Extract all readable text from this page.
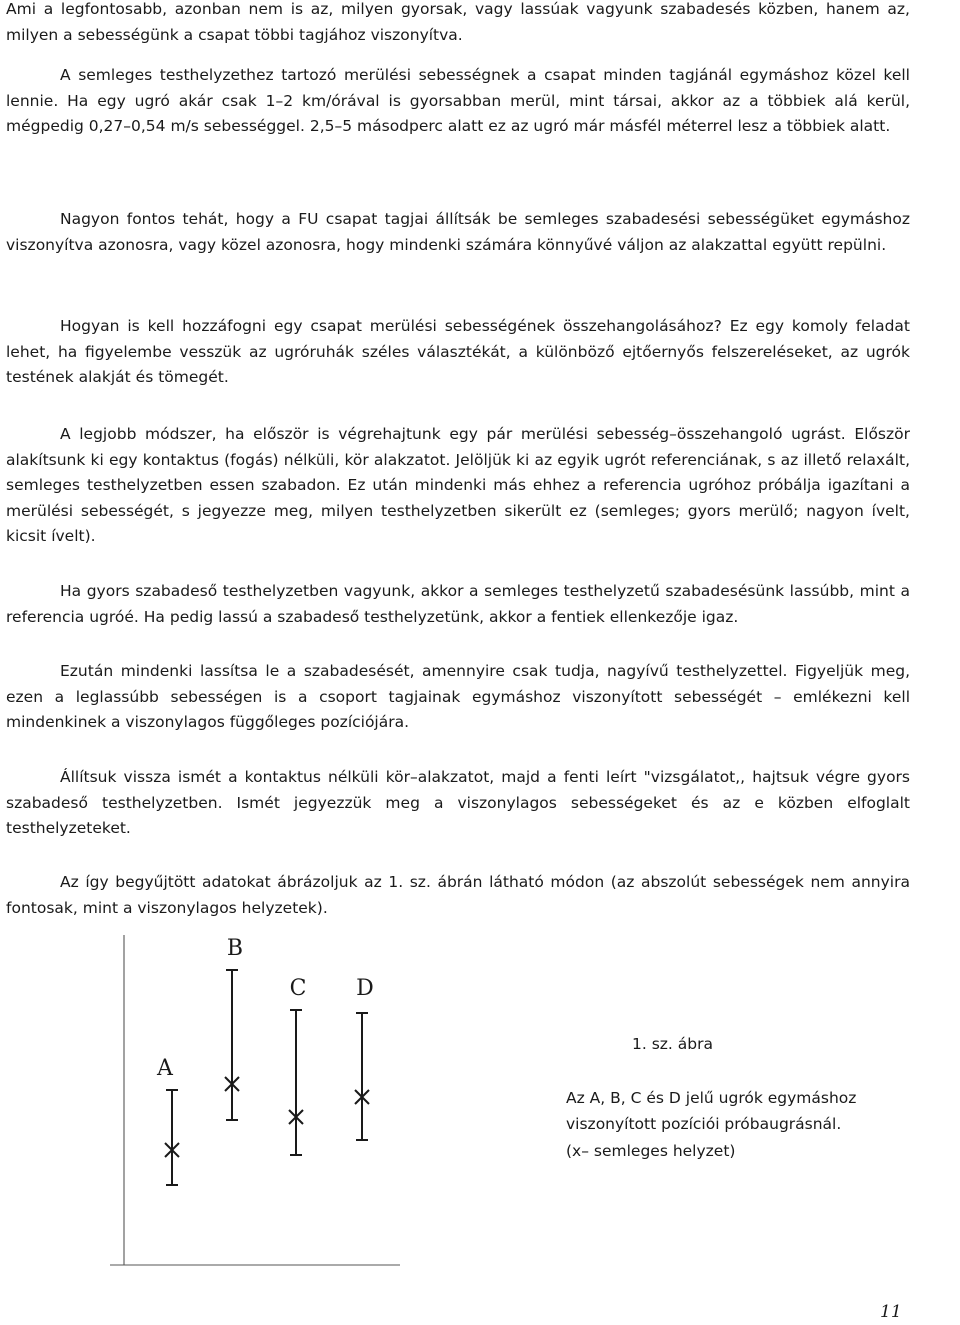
Ami a legfontosabb, azonban nem is az, milyen gyorsak, vagy lassúak vagyunk szabadesés közben, hanem az, milyen a sebességünk a csapat többi tagjához viszonyítva.

A semleges testhelyzethez tartozó merülési sebességnek a csapat minden tagjánál egymáshoz közel kell lennie. Ha egy ugró akár csak 1–2 km/órával is gyorsabban merül, mint társai, akkor az a többiek alá kerül, mégpedig 0,27–0,54 m/s sebességgel. 2,5–5 másodperc alatt ez az ugró már másfél méterrel lesz a többiek alatt.

Nagyon fontos tehát, hogy a FU csapat tagjai állítsák be semleges szabadesési sebességüket egymáshoz viszonyítva azonosra, vagy közel azonosra, hogy mindenki számára könnyűvé váljon az alakzattal együtt repülni.

Hogyan is kell hozzáfogni egy csapat merülési sebességének összehangolásához? Ez egy komoly feladat lehet, ha figyelembe vesszük az ugróruhák széles választékát, a különböző ejtőernyős felszereléseket, az ugrók testének alakját és tömegét.

A legjobb módszer, ha először is végrehajtunk egy pár merülési sebesség–összehangoló ugrást. Először alakítsunk ki egy kontaktus (fogás) nélküli, kör alakzatot. Jelöljük ki az egyik ugrót referenciának, s az illető relaxált, semleges testhelyzetben essen szabadon. Ez után mindenki más ehhez a referencia ugróhoz próbálja igazítani a merülési sebességét, s jegyezze meg, milyen testhelyzetben sikerült ez (semleges; gyors merülő; nagyon ívelt, kicsit ívelt).

Ha gyors szabadeső testhelyzetben vagyunk, akkor a semleges testhelyzetű szabadesésünk lassúbb, mint a referencia ugróé. Ha pedig lassú a szabadeső testhelyzetünk, akkor a fentiek ellenkezője igaz.

Ezután mindenki lassítsa le a szabadesését, amennyire csak tudja, nagyívű testhelyzettel. Figyeljük meg, ezen a leglassúbb sebességen is a csoport tagjainak egymáshoz viszonyított sebességét – emlékezni kell mindenkinek a viszonylagos függőleges pozíciójára.

Állítsuk vissza ismét a kontaktus nélküli kör–alakzatot, majd a fenti leírt "vizsgálatot,, hajtsuk végre gyors szabadeső testhelyzetben. Ismét jegyezzük meg a viszonylagos sebességeket és az e közben elfoglalt testhelyzeteket.

Az így begyűjtött adatokat ábrázoljuk az 1. sz. ábrán látható módon (az abszolút sebességek nem annyira fontosak, mint a viszonylagos helyzetek).

A
B
C D
1. sz. ábra
Az A, B, C és D jelű ugrók egymáshoz
viszonyított pozíciói próbaugrásnál.
(x– semleges helyzet)
11
